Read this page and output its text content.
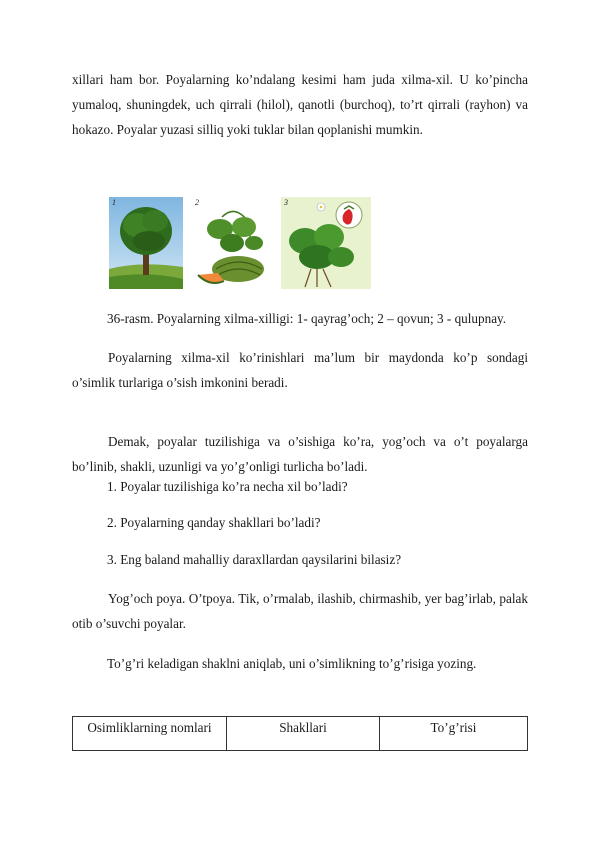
xillari ham bor. Poyalarning ko’ndalang kesimi ham juda xilma-xil. U ko’pincha yumaloq, shuningdek, uch qirrali (hilol), qanotli (burchoq), to’rt qirrali (rayhon) va hokazo. Poyalar yuzasi silliq yoki tuklar bilan qoplanishi mumkin.

1	2	3

36-rasm. Poyalarning xilma-xilligi: 1- qayrag’och; 2 – qovun; 3 - qulupnay.

Poyalarning xilma-xil ko’rinishlari ma’lum bir maydonda ko’p sondagi o’simlik turlariga o’sish imkonini beradi.

Demak, poyalar tuzilishiga va o’sishiga ko’ra, yog’och va o’t poyalarga bo’linib, shakli, uzunligi va yo’g’onligi turlicha bo’ladi.

1. Poyalar tuzilishiga ko’ra necha xil bo’ladi?

2. Poyalarning qanday shakllari bo’ladi?

3. Eng baland mahalliy daraxllardan qaysilarini bilasiz?

Yog’och poya. O’tpoya. Tik, o’rmalab, ilashib, chirmashib, yer bag’irlab, palak otib o’suvchi poyalar.

To’g’ri keladigan shaklni aniqlab, uni o’simlikning to’g’risiga yozing.

Osimliklarning nomlari	Shakllari	To’g’risi
